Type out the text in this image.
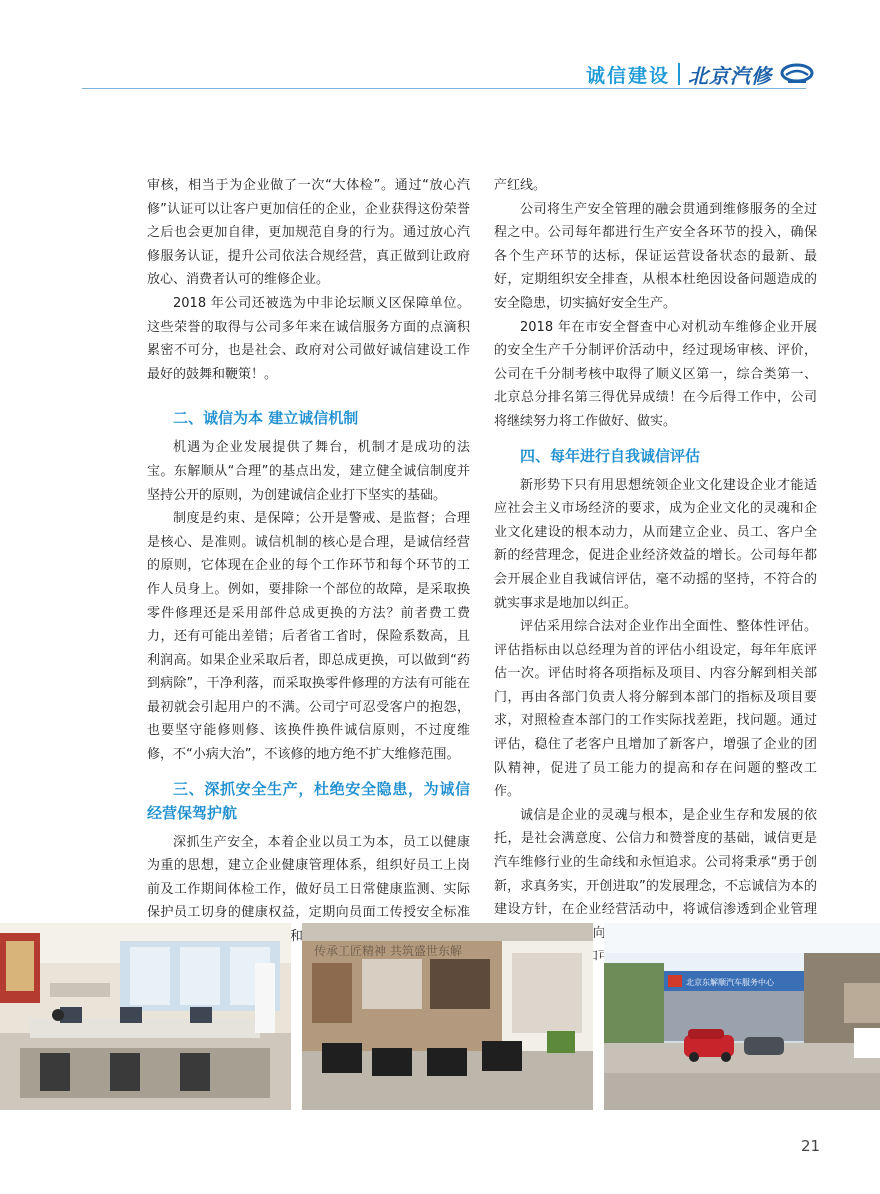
诚信建设 北京汽修

审核，相当于为企业做了一次“大体检”。通过“放心汽修”认证可以让客户更加信任的企业，企业获得这份荣誉之后也会更加自律，更加规范自身的行为。通过放心汽修服务认证，提升公司依法合规经营，真正做到让政府放心、消费者认可的维修企业。

2018 年公司还被选为中非论坛顺义区保障单位。这些荣誉的取得与公司多年来在诚信服务方面的点滴积累密不可分，也是社会、政府对公司做好诚信建设工作最好的鼓舞和鞭策！。

二、诚信为本 建立诚信机制

机遇为企业发展提供了舞台，机制才是成功的法宝。东解顺从“合理”的基点出发，建立健全诚信制度并坚持公开的原则，为创建诚信企业打下坚实的基础。

制度是约束、是保障；公开是警戒、是监督；合理是核心、是准则。诚信机制的核心是合理，是诚信经营的原则，它体现在企业的每个工作环节和每个环节的工作人员身上。例如，要排除一个部位的故障，是采取换零件修理还是采用部件总成更换的方法？前者费工费力，还有可能出差错；后者省工省时，保险系数高，且利润高。如果企业采取后者，即总成更换，可以做到“药到病除”，干净利落，而采取换零件修理的方法有可能在最初就会引起用户的不满。公司宁可忍受客户的抱怨，也要坚守能修则修、该换件换件诚信原则，不过度维修，不“小病大治”，不该修的地方绝不扩大维修范围。

三、深抓安全生产，杜绝安全隐患，为诚信经营保驾护航

深抓生产安全，本着企业以员工为本，员工以健康为重的思想，建立企业健康管理体系，组织好员工上岗前及工作期间体检工作，做好员工日常健康监测、实际保护员工切身的健康权益，定期向员面工传授安全标准 和

产红线。

公司将生产安全管理的融会贯通到维修服务的全过程之中。公司每年都进行生产安全各环节的投入，确保各个生产环节的达标，保证运营设备状态的最新、最好，定期组织安全排查，从根本杜绝因设备问题造成的安全隐患，切实搞好安全生产。

2018 年在市安全督查中心对机动车维修企业开展的安全生产千分制评价活动中，经过现场审核、评价，公司在千分制考核中取得了顺义区第一，综合类第一、北京总分排名第三得优异成绩！在今后得工作中，公司将继续努力将工作做好、做实。

四、每年进行自我诚信评估

新形势下只有用思想统领企业文化建设企业才能适应社会主义市场经济的要求，成为企业文化的灵魂和企业文化建设的根本动力，从而建立企业、员工、客户全新的经营理念，促进企业经济效益的增长。公司每年都会开展企业自我诚信评估，毫不动摇的坚持，不符合的就实事求是地加以纠正。

评估采用综合法对企业作出全面性、整体性评估。评估指标由以总经理为首的评估小组设定，每年年底评估一次。评估时将各项指标及项目、内容分解到相关部门，再由各部门负责人将分解到本部门的指标及项目要求，对照检查本部门的工作实际找差距，找问题。通过评估，稳住了老客户且增加了新客户，增强了企业的团队精神，促进了员工能力的提高和存在问题的整改工作。

诚信是企业的灵魂与根本，是企业生存和发展的依托，是社会满意度、公信力和赞誉度的基础，诚信更是汽车维修行业的生命线和永恒追求。公司将秉承“勇于创新，求真务实，开创进取”的发展理念，不忘诚信为本的建设方针，在企业经营活动中，将诚信渗透到企业管理 向

传承工匠精神 共筑盛世东解
北京东解顺汽车服务中心
21
